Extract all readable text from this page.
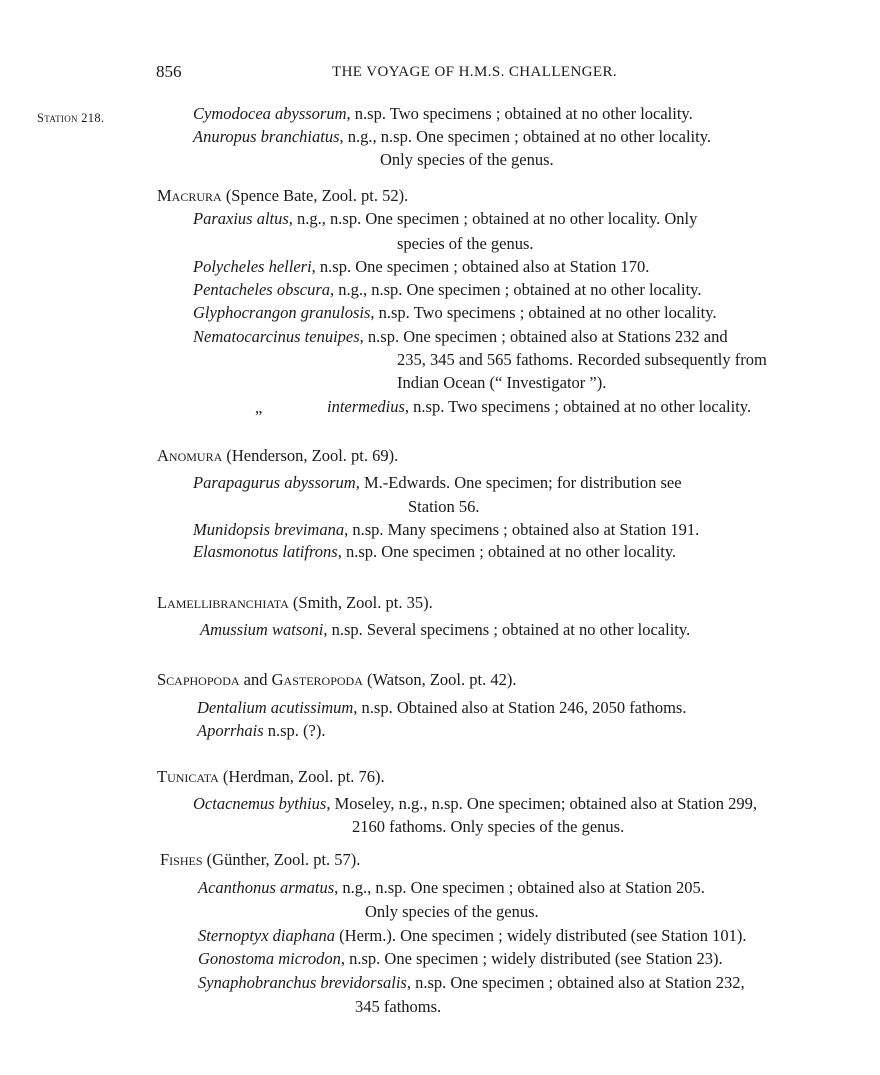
856	THE VOYAGE OF H.M.S. CHALLENGER.
Station 218.	Cymodocea abyssorum, n.sp. Two specimens ; obtained at no other locality.
Anuropus branchiatus, n.g., n.sp. One specimen ; obtained at no other locality.
Only species of the genus.
Macrura (Spence Bate, Zool. pt. 52).
Paraxius altus, n.g., n.sp. One specimen ; obtained at no other locality. Only
species of the genus.
Polycheles helleri, n.sp. One specimen ; obtained also at Station 170.
Pentacheles obscura, n.g., n.sp. One specimen ; obtained at no other locality.
Glyphocrangon granulosis, n.sp. Two specimens ; obtained at no other locality.
Nematocarcinus tenuipes, n.sp. One specimen ; obtained also at Stations 232 and
235, 345 and 565 fathoms. Recorded subsequently from
Indian Ocean (“ Investigator ”).
„	intermedius, n.sp. Two specimens ; obtained at no other locality.
Anomura (Henderson, Zool. pt. 69).
Parapagurus abyssorum, M.-Edwards. One specimen; for distribution see
Station 56.
Munidopsis brevimana, n.sp. Many specimens ; obtained also at Station 191.
Elasmonotus latifrons, n.sp. One specimen ; obtained at no other locality.
Lamellibranchiata (Smith, Zool. pt. 35).
Amussium watsoni, n.sp. Several specimens ; obtained at no other locality.
Scaphopoda and Gasteropoda (Watson, Zool. pt. 42).
Dentalium acutissimum, n.sp. Obtained also at Station 246, 2050 fathoms.
Aporrhais n.sp. (?).
Tunicata (Herdman, Zool. pt. 76).
Octacnemus bythius, Moseley, n.g., n.sp. One specimen; obtained also at Station 299,
2160 fathoms. Only species of the genus.
Fishes (Günther, Zool. pt. 57).
Acanthonus armatus, n.g., n.sp. One specimen ; obtained also at Station 205.
Only species of the genus.
Sternoptyx diaphana (Herm.). One specimen ; widely distributed (see Station 101).
Gonostoma microdon, n.sp. One specimen ; widely distributed (see Station 23).
Synaphobranchus brevidorsalis, n.sp. One specimen ; obtained also at Station 232,
345 fathoms.
